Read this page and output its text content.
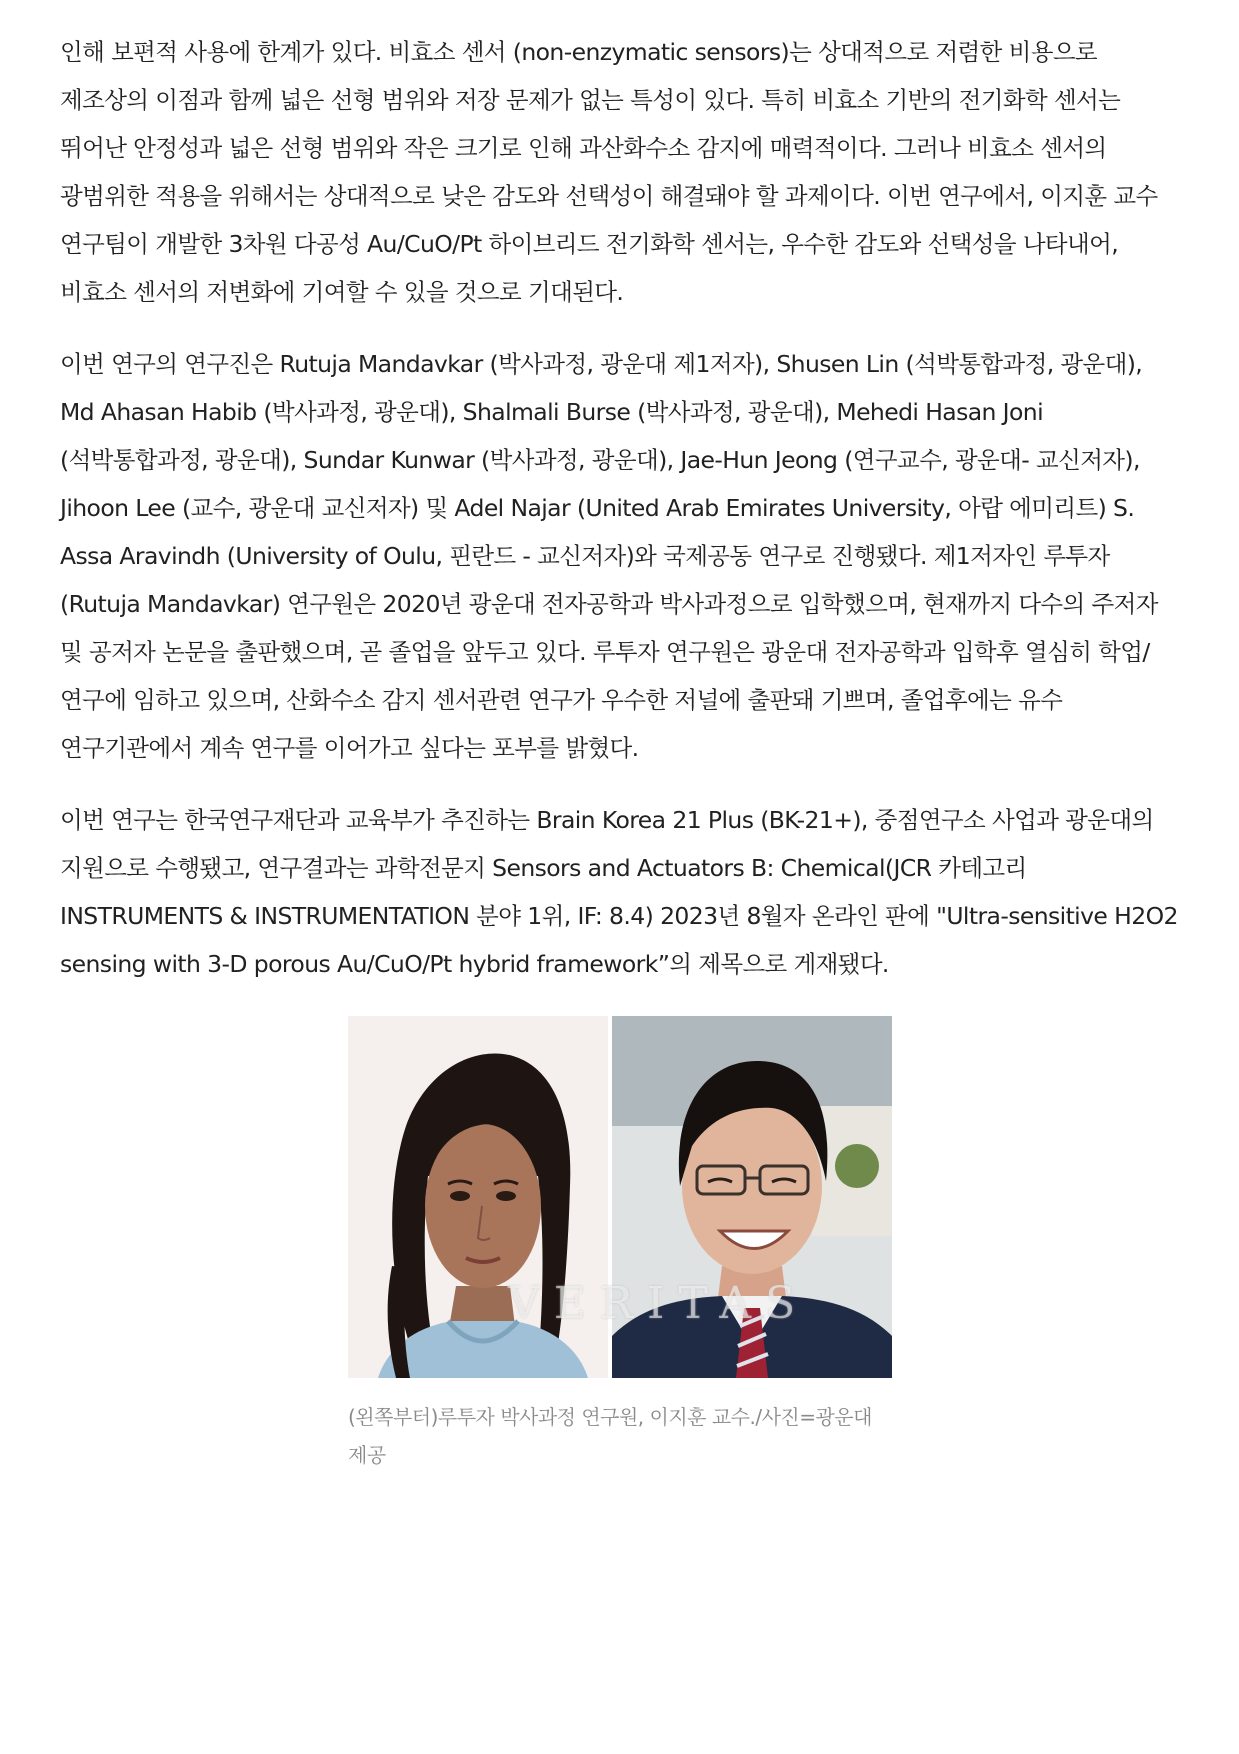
인해 보편적 사용에 한계가 있다. 비효소 센서 (non-enzymatic sensors)는 상대적으로 저렴한 비용으로 제조상의 이점과 함께 넓은 선형 범위와 저장 문제가 없는 특성이 있다. 특히 비효소 기반의 전기화학 센서는 뛰어난 안정성과 넓은 선형 범위와 작은 크기로 인해 과산화수소 감지에 매력적이다. 그러나 비효소 센서의 광범위한 적용을 위해서는 상대적으로 낮은 감도와 선택성이 해결돼야 할 과제이다. 이번 연구에서, 이지훈 교수 연구팀이 개발한 3차원 다공성 Au/CuO/Pt 하이브리드 전기화학 센서는, 우수한 감도와 선택성을 나타내어, 비효소 센서의 저변화에 기여할 수 있을 것으로 기대된다.

이번 연구의 연구진은 Rutuja Mandavkar (박사과정, 광운대 제1저자), Shusen Lin (석박통합과정, 광운대), Md Ahasan Habib (박사과정, 광운대), Shalmali Burse (박사과정, 광운대), Mehedi Hasan Joni (석박통합과정, 광운대), Sundar Kunwar (박사과정, 광운대), Jae-Hun Jeong (연구교수, 광운대- 교신저자), Jihoon Lee (교수, 광운대 교신저자) 및 Adel Najar (United Arab Emirates University, 아랍 에미리트) S. Assa Aravindh (University of Oulu, 핀란드 - 교신저자)와 국제공동 연구로 진행됐다. 제1저자인 루투자 (Rutuja Mandavkar) 연구원은 2020년 광운대 전자공학과 박사과정으로 입학했으며, 현재까지 다수의 주저자 및 공저자 논문을 출판했으며, 곧 졸업을 앞두고 있다. 루투자 연구원은 광운대 전자공학과 입학후 열심히 학업/연구에 임하고 있으며, 산화수소 감지 센서관련 연구가 우수한 저널에 출판돼 기쁘며, 졸업후에는 유수 연구기관에서 계속 연구를 이어가고 싶다는 포부를 밝혔다.

이번 연구는 한국연구재단과 교육부가 추진하는 Brain Korea 21 Plus (BK-21+), 중점연구소 사업과 광운대의 지원으로 수행됐고, 연구결과는 과학전문지 Sensors and Actuators B: Chemical(JCR 카테고리 INSTRUMENTS & INSTRUMENTATION 분야 1위, IF: 8.4) 2023년 8월자 온라인 판에 "Ultra-sensitive H2O2 sensing with 3-D porous Au/CuO/Pt hybrid framework”의 제목으로 게재됐다.

VERITAS
(왼쪽부터)루투자 박사과정 연구원, 이지훈 교수./사진=광운대 제공
